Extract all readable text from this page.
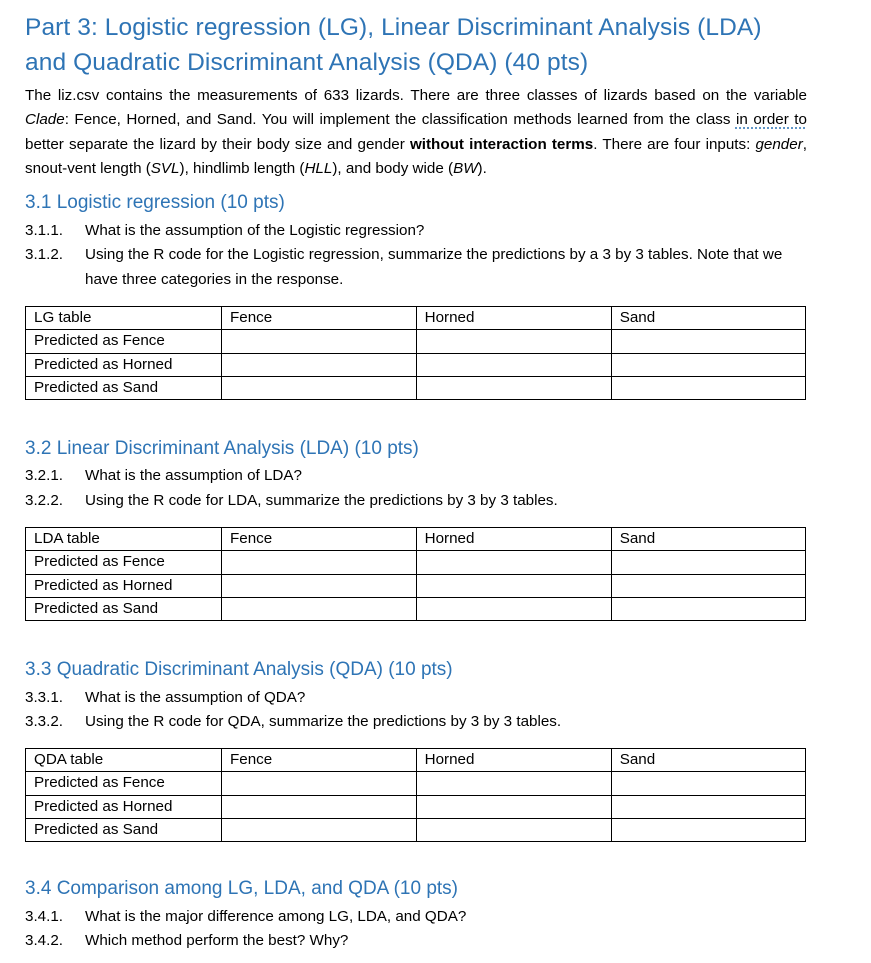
Part 3: Logistic regression (LG), Linear Discriminant Analysis (LDA) and Quadratic Discriminant Analysis (QDA) (40 pts)

The liz.csv contains the measurements of 633 lizards. There are three classes of lizards based on the variable Clade: Fence, Horned, and Sand. You will implement the classification methods learned from the class in order to better separate the lizard by their body size and gender without interaction terms. There are four inputs: gender, snout-vent length (SVL), hindlimb length (HLL), and body wide (BW).

3.1 Logistic regression (10 pts)
3.1.1.	What is the assumption of the Logistic regression?
3.1.2.	Using the R code for the Logistic regression, summarize the predictions by a 3 by 3 tables. Note that we have three categories in the response.
LG table	Fence	Horned	Sand
Predicted as Fence			
Predicted as Horned			
Predicted as Sand			
3.2 Linear Discriminant Analysis (LDA) (10 pts)
3.2.1.	What is the assumption of LDA?
3.2.2.	Using the R code for LDA, summarize the predictions by 3 by 3 tables.
LDA table	Fence	Horned	Sand
Predicted as Fence			
Predicted as Horned			
Predicted as Sand			
3.3 Quadratic Discriminant Analysis (QDA) (10 pts)
3.3.1.	What is the assumption of QDA?
3.3.2.	Using the R code for QDA, summarize the predictions by 3 by 3 tables.
QDA table	Fence	Horned	Sand
Predicted as Fence			
Predicted as Horned			
Predicted as Sand			
3.4 Comparison among LG, LDA, and QDA (10 pts)
3.4.1.	What is the major difference among LG, LDA, and QDA?
3.4.2.	Which method perform the best? Why?
